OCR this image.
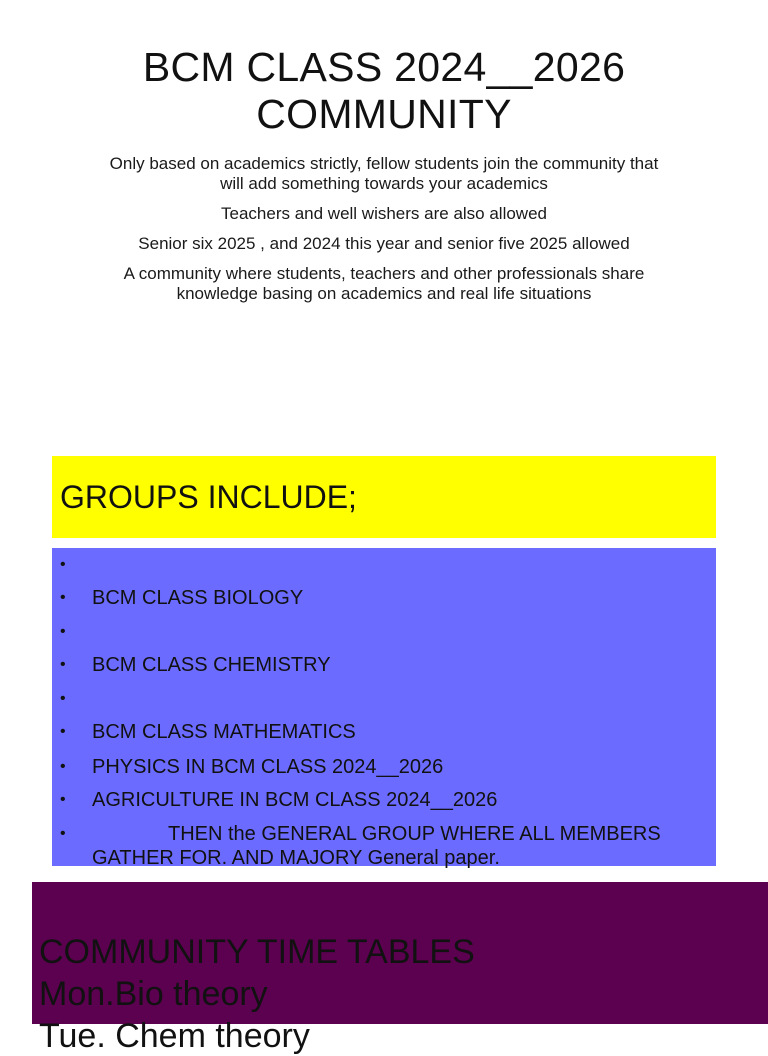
BCM CLASS 2024__2026
COMMUNITY

Only based on academics strictly, fellow students join the community that will add something towards your academics

Teachers and well wishers are also allowed

Senior six 2025 , and 2024 this year and senior five 2025 allowed

A community where students, teachers and other professionals share knowledge basing on academics and real life situations

GROUPS INCLUDE;
•
• BCM CLASS BIOLOGY
•
• BCM CLASS CHEMISTRY
•
• BCM CLASS MATHEMATICS
• PHYSICS IN BCM CLASS 2024__2026
• AGRICULTURE IN BCM CLASS 2024__2026
•	THEN the GENERAL GROUP WHERE ALL MEMBERS GATHER FOR. AND MAJORY General paper.
COMMUNITY TIME TABLES
Mon.Bio theory
Tue. Chem theory
